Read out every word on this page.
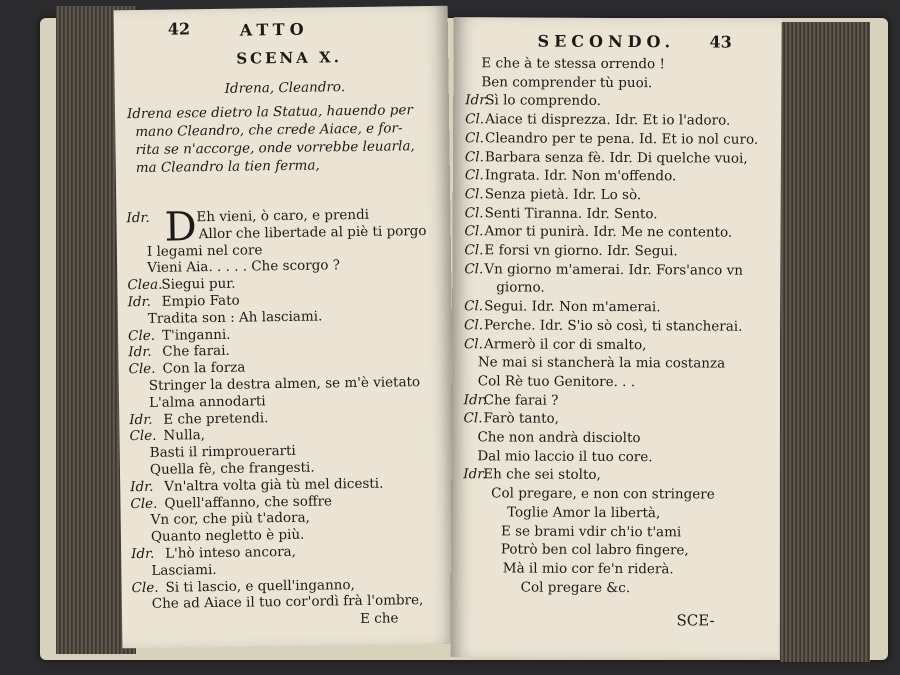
42	ATTO
SCENA X.
Idrena, Cleandro.
Idrena esce dietro la Statua, hauendo per
mano Cleandro, che crede Aiace, e for-
rita se n'accorge, onde vorrebbe leuarla,
ma Cleandro la tien ferma,
D
Idr.	Eh vieni, ò caro, e prendi
Allor che libertade al piè ti porgo
I legami nel core
Vieni Aia. . . . . Che scorgo ?
Clea.
Siegui pur.
Idr. Empio Fato
Tradita son : Ah lasciami.
Cle. T'inganni.
Idr. Che farai.
Cle. Con la forza
Stringer la destra almen, se m'è vietato
L'alma annodarti
Idr. E che pretendi.
Cle. Nulla,
Basti il rimprouerarti
Quella fè, che frangesti.
Idr. Vn'altra volta già tù mel dicesti.
Cle. Quell'affanno, che soffre
Vn cor, che più t'adora,
Quanto negletto è più.
Idr. L'hò inteso ancora,
Lasciami.
Cle. Si ti lascio, e quell'inganno,
Che ad Aiace il tuo cor'ordì frà l'ombre,
E che
SECONDO. 43
E che à te stessa orrendo !
Ben comprender tù puoi.
Idr.
Sì lo comprendo.
Cl. Aiace ti disprezza. Idr. Et io l'adoro.
Cl. Cleandro per te pena. Id. Et io nol curo.
Cl. Barbara senza fè. Idr. Di quelche vuoi,
Cl. Ingrata. Idr. Non m'offendo.
Cl. Senza pietà. Idr. Lo sò.
Cl. Senti Tiranna. Idr. Sento.
Cl. Amor ti punirà. Idr. Me ne contento.
Cl. E forsi vn giorno. Idr. Segui.
Cl. Vn giorno m'amerai. Idr. Fors'anco vn
giorno.
Cl. Segui. Idr. Non m'amerai.
Cl. Perche. Idr. S'io sò così, ti stancherai.
Cl. Armerò il cor di smalto,
Ne mai si stancherà la mia costanza
Col Rè tuo Genitore. . .
Idr.
Che farai ?
Cl. Farò tanto,
Che non andrà disciolto
Dal mio laccio il tuo core.
Idr.
Eh che sei stolto,
Col pregare, e non con stringere
Toglie Amor la libertà,
E se brami vdir ch'io t'ami
Potrò ben col labro fingere,
Mà il mio cor fe'n riderà.
Col pregare &c.
SCE-
